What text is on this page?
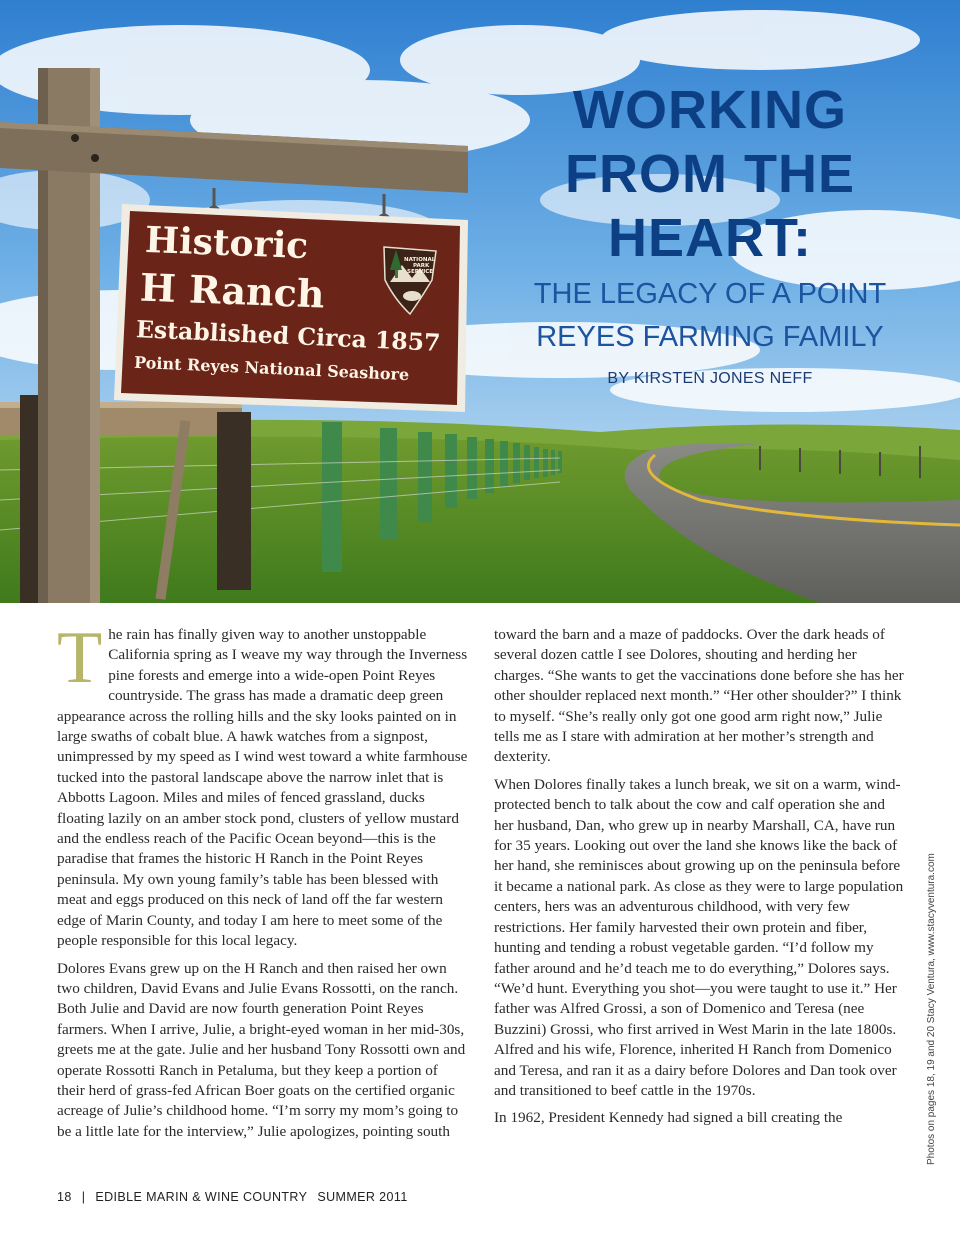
Historic
H Ranch
Established Circa 1857
Point Reyes National Seashore
NATIONAL
PARK
SERVICE
WORKING
FROM THE
HEART:
THE LEGACY OF A POINT
REYES FARMING FAMILY
BY KIRSTEN JONES NEFF

The rain has finally given way to another unstoppable California spring as I weave my way through the Inverness pine forests and emerge into a wide-open Point Reyes countryside. The grass has made a dramatic deep green appearance across the rolling hills and the sky looks painted on in large swaths of cobalt blue. A hawk watches from a signpost, unimpressed by my speed as I wind west toward a white farmhouse tucked into the pastoral landscape above the narrow inlet that is Abbotts Lagoon. Miles and miles of fenced grassland, ducks floating lazily on an amber stock pond, clusters of yellow mustard and the endless reach of the Pacific Ocean beyond—this is the paradise that frames the historic H Ranch in the Point Reyes peninsula. My own young family’s table has been blessed with meat and eggs produced on this neck of land off the far western edge of Marin County, and today I am here to meet some of the people responsible for this local legacy.

Dolores Evans grew up on the H Ranch and then raised her own two children, David Evans and Julie Evans Rossotti, on the ranch. Both Julie and David are now fourth generation Point Reyes farmers. When I arrive, Julie, a bright-eyed woman in her mid-30s, greets me at the gate. Julie and her husband Tony Rossotti own and operate Rossotti Ranch in Petaluma, but they keep a portion of their herd of grass-fed African Boer goats on the certified organic acreage of Julie’s childhood home. “I’m sorry my mom’s going to be a little late for the interview,” Julie apologizes, pointing south

toward the barn and a maze of paddocks. Over the dark heads of several dozen cattle I see Dolores, shouting and herding her charges. “She wants to get the vaccinations done before she has her other shoulder replaced next month.” “Her other shoulder?” I think to myself. “She’s really only got one good arm right now,” Julie tells me as I stare with admiration at her mother’s strength and dexterity.

When Dolores finally takes a lunch break, we sit on a warm, wind-protected bench to talk about the cow and calf operation she and her husband, Dan, who grew up in nearby Marshall, CA, have run for 35 years. Looking out over the land she knows like the back of her hand, she reminisces about growing up on the peninsula before it became a national park. As close as they were to large population centers, hers was an adventurous childhood, with very few restrictions. Her family harvested their own protein and fiber, hunting and tending a robust vegetable garden. “I’d follow my father around and he’d teach me to do everything,” Dolores says. “We’d hunt. Everything you shot—you were taught to use it.” Her father was Alfred Grossi, a son of Domenico and Teresa (nee Buzzini) Grossi, who first arrived in West Marin in the late 1800s. Alfred and his wife, Florence, inherited H Ranch from Domenico and Teresa, and ran it as a dairy before Dolores and Dan took over and transitioned to beef cattle in the 1970s.

In 1962, President Kennedy had signed a bill creating the	Photos on pages 18, 19 and 20 Stacy Ventura, www.stacyventura.com
18 | EDIBLE MARIN & WINE COUNTRY SUMMER 2011
